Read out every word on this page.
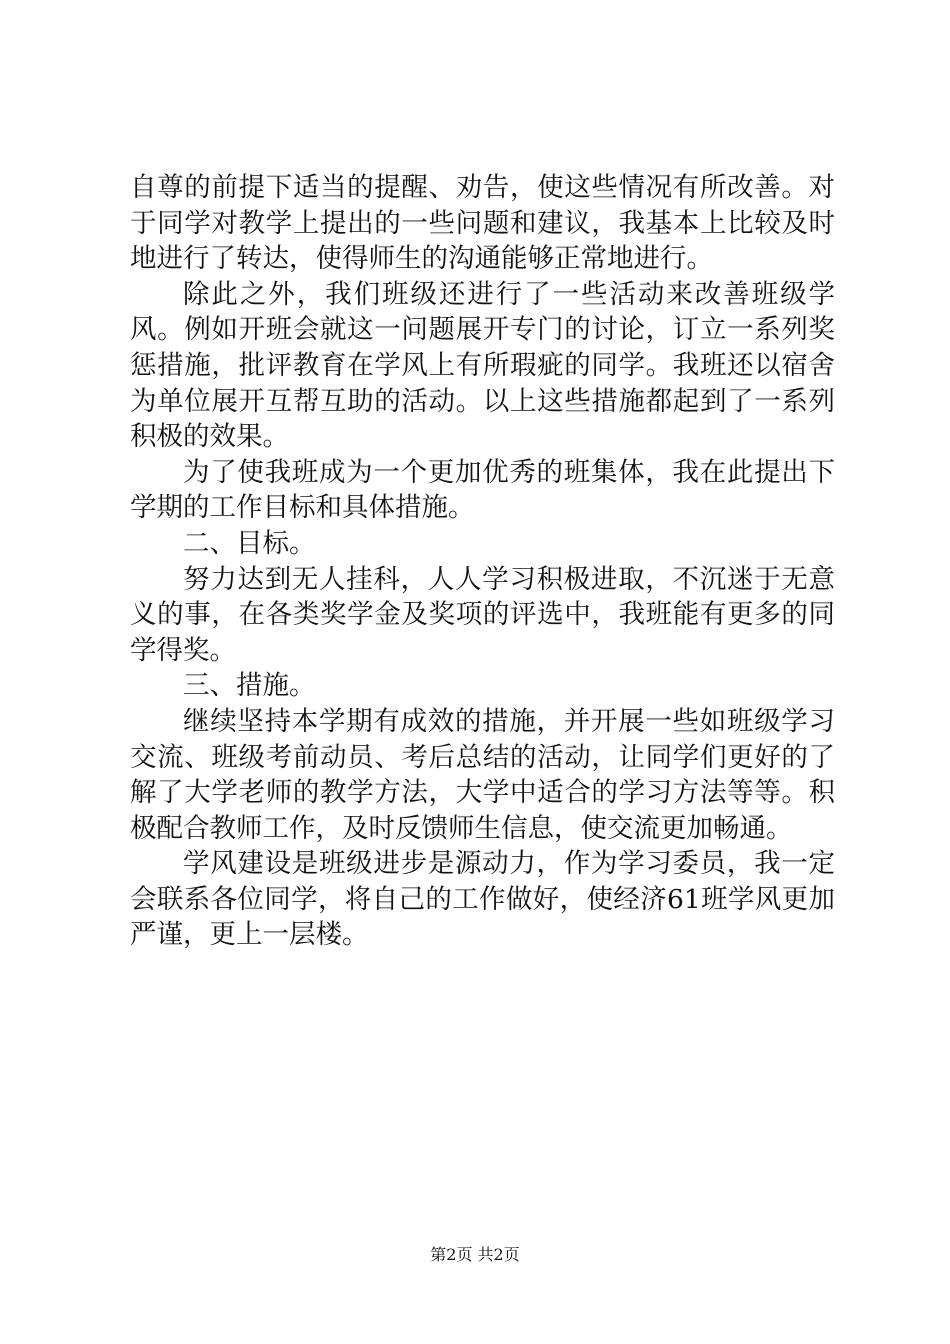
自尊的前提下适当的提醒、劝告，使这些情况有所改善。对于同学对教学上提出的一些问题和建议，我基本上比较及时地进行了转达，使得师生的沟通能够正常地进行。

除此之外，我们班级还进行了一些活动来改善班级学风。例如开班会就这一问题展开专门的讨论，订立一系列奖惩措施，批评教育在学风上有所瑕疵的同学。我班还以宿舍为单位展开互帮互助的活动。以上这些措施都起到了一系列积极的效果。

为了使我班成为一个更加优秀的班集体，我在此提出下学期的工作目标和具体措施。

二、目标。

努力达到无人挂科，人人学习积极进取，不沉迷于无意义的事，在各类奖学金及奖项的评选中，我班能有更多的同学得奖。

三、措施。

继续坚持本学期有成效的措施，并开展一些如班级学习交流、班级考前动员、考后总结的活动，让同学们更好的了解了大学老师的教学方法，大学中适合的学习方法等等。积极配合教师工作，及时反馈师生信息，使交流更加畅通。

学风建设是班级进步是源动力，作为学习委员，我一定会联系各位同学，将自己的工作做好，使经济61班学风更加严谨，更上一层楼。

第2页 共2页
